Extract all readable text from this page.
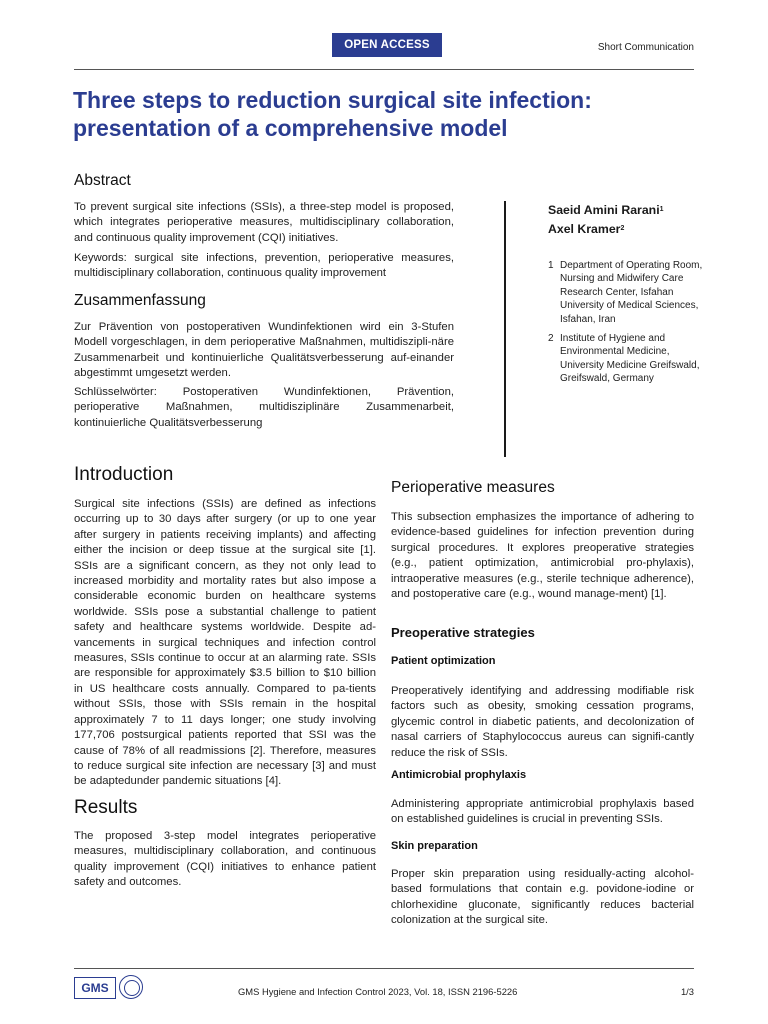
OPEN ACCESS	Short Communication
Three steps to reduction surgical site infection:
presentation of a comprehensive model
Abstract

To prevent surgical site infections (SSIs), a three-step model is proposed, which integrates perioperative measures, multidisciplinary collaboration, and continuous quality improvement (CQI) initiatives.

Keywords: surgical site infections, prevention, perioperative measures, multidisciplinary collaboration, continuous quality improvement

Zusammenfassung

Zur Prävention von postoperativen Wundinfektionen wird ein 3-Stufen Modell vorgeschlagen, in dem perioperative Maßnahmen, multidiszipli-näre Zusammenarbeit und kontinuierliche Qualitätsverbesserung auf-einander abgestimmt umgesetzt werden.

Schlüsselwörter: Postoperativen Wundinfektionen, Prävention, perioperative Maßnahmen, multidisziplinäre Zusammenarbeit, kontinuierliche Qualitätsverbesserung

Saeid Amini Rarani$^1$
Axel Kramer$^2$
1 Department of Operating Room, Nursing and Midwifery Care Research Center, Isfahan University of Medical Sciences, Isfahan, Iran
2 Institute of Hygiene and Environmental Medicine, University Medicine Greifswald, Greifswald, Germany
Introduction

Surgical site infections (SSIs) are defined as infections occurring up to 30 days after surgery (or up to one year after surgery in patients receiving implants) and affecting either the incision or deep tissue at the surgical site [1]. SSIs are a significant concern, as they not only lead to increased morbidity and mortality rates but also impose a considerable economic burden on healthcare systems worldwide. SSIs pose a substantial challenge to patient safety and healthcare systems worldwide. Despite ad-vancements in surgical techniques and infection control measures, SSIs continue to occur at an alarming rate. SSIs are responsible for approximately $3.5 billion to $10 billion in US healthcare costs annually. Compared to pa-tients without SSIs, those with SSIs remain in the hospital approximately 7 to 11 days longer; one study involving 177,706 postsurgical patients reported that SSI was the cause of 78% of all readmissions [2]. Therefore, measures to reduce surgical site infection are necessary [3] and must be adaptedunder pandemic situations [4].

Results

The proposed 3-step model integrates perioperative measures, multidisciplinary collaboration, and continuous quality improvement (CQI) initiatives to enhance patient safety and outcomes.

Perioperative measures

This subsection emphasizes the importance of adhering to evidence-based guidelines for infection prevention during surgical procedures. It explores preoperative strategies (e.g., patient optimization, antimicrobial pro-phylaxis), intraoperative measures (e.g., sterile technique adherence), and postoperative care (e.g., wound manage-ment) [1].

Preoperative strategies
Patient optimization

Preoperatively identifying and addressing modifiable risk factors such as obesity, smoking cessation programs, glycemic control in diabetic patients, and decolonization of nasal carriers of Staphylococcus aureus can signifi-cantly reduce the risk of SSIs.

Antimicrobial prophylaxis

Administering appropriate antimicrobial prophylaxis based on established guidelines is crucial in preventing SSIs.

Skin preparation

Proper skin preparation using residually-acting alcohol-based formulations that contain e.g. povidone-iodine or chlorhexidine gluconate, significantly reduces bacterial colonization at the surgical site.

GMS	GMS Hygiene and Infection Control 2023, Vol. 18, ISSN 2196-5226	1/3
